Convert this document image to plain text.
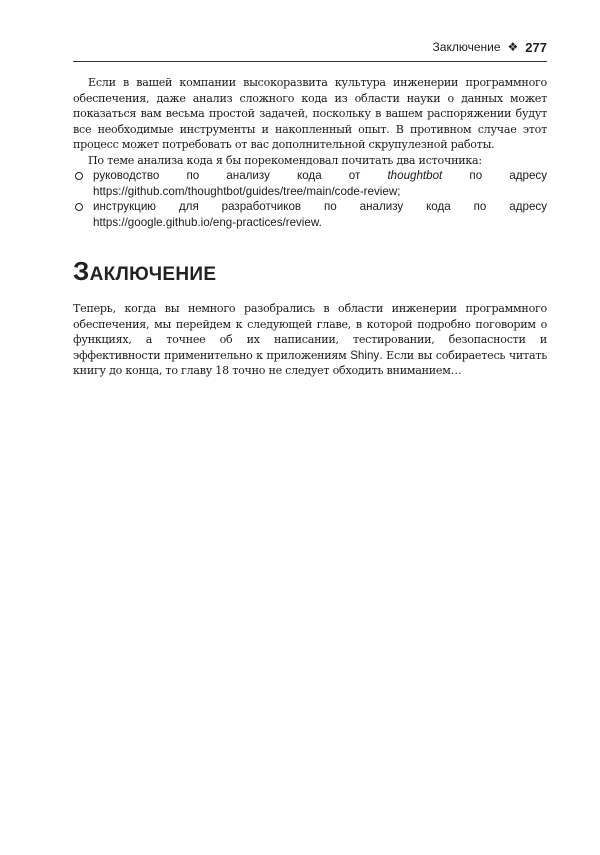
Заключение ❖ 277

Если в вашей компании высокоразвита культура инженерии программного обеспечения, даже анализ сложного кода из области науки о данных может показаться вам весьма простой задачей, поскольку в вашем распоряжении будут все необходимые инструменты и накопленный опыт. В противном случае этот процесс может потребовать от вас дополнительной скрупулезной работы.

По теме анализа кода я бы порекомендовал почитать два источника:

руководство по анализу кода от thoughtbot по адресу https://github.com/thoughtbot/guides/tree/main/code-review;
инструкцию для разработчиков по анализу кода по адресу https://google.github.io/eng-practices/review.
ЗАКЛЮЧЕНИЕ

Теперь, когда вы немного разобрались в области инженерии программного обеспечения, мы перейдем к следующей главе, в которой подробно поговорим о функциях, а точнее об их написании, тестировании, безопасности и эффективности применительно к приложениям Shiny. Если вы собираетесь читать книгу до конца, то главу 18 точно не следует обходить вниманием…
